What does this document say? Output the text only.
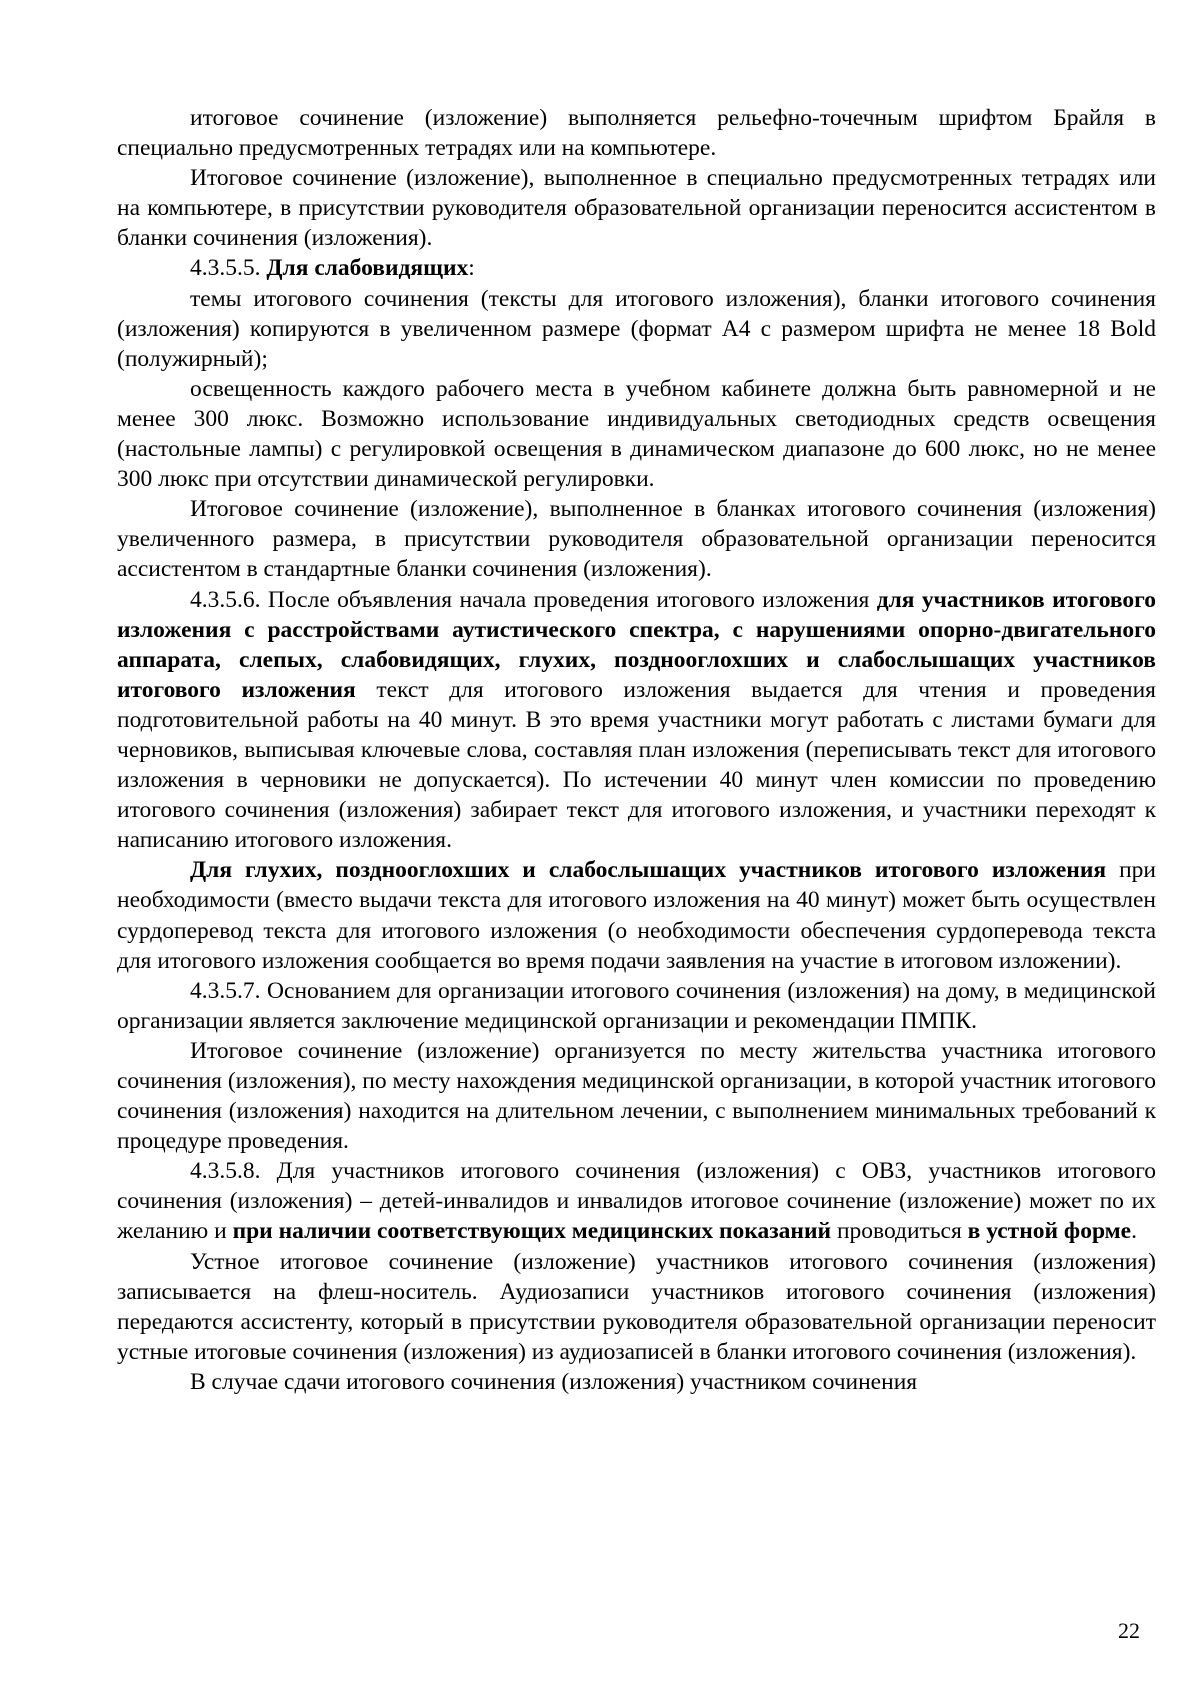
итоговое сочинение (изложение) выполняется рельефно-точечным шрифтом Брайля в специально предусмотренных тетрадях или на компьютере.

Итоговое сочинение (изложение), выполненное в специально предусмотренных тетрадях или на компьютере, в присутствии руководителя образовательной организации переносится ассистентом в бланки сочинения (изложения).

4.3.5.5. Для слабовидящих:

темы итогового сочинения (тексты для итогового изложения), бланки итогового сочинения (изложения) копируются в увеличенном размере (формат А4 с размером шрифта не менее 18 Bold (полужирный);

освещенность каждого рабочего места в учебном кабинете должна быть равномерной и не менее 300 люкс. Возможно использование индивидуальных светодиодных средств освещения (настольные лампы) с регулировкой освещения в динамическом диапазоне до 600 люкс, но не менее 300 люкс при отсутствии динамической регулировки.

Итоговое сочинение (изложение), выполненное в бланках итогового сочинения (изложения) увеличенного размера, в присутствии руководителя образовательной организации переносится ассистентом в стандартные бланки сочинения (изложения).

4.3.5.6. После объявления начала проведения итогового изложения для участников итогового изложения с расстройствами аутистического спектра, с нарушениями опорно-двигательного аппарата, слепых, слабовидящих, глухих, позднооглохших и слабослышащих участников итогового изложения текст для итогового изложения выдается для чтения и проведения подготовительной работы на 40 минут. В это время участники могут работать с листами бумаги для черновиков, выписывая ключевые слова, составляя план изложения (переписывать текст для итогового изложения в черновики не допускается). По истечении 40 минут член комиссии по проведению итогового сочинения (изложения) забирает текст для итогового изложения, и участники переходят к написанию итогового изложения.

Для глухих, позднооглохших и слабослышащих участников итогового изложения при необходимости (вместо выдачи текста для итогового изложения на 40 минут) может быть осуществлен сурдоперевод текста для итогового изложения (о необходимости обеспечения сурдоперевода текста для итогового изложения сообщается во время подачи заявления на участие в итоговом изложении).

4.3.5.7. Основанием для организации итогового сочинения (изложения) на дому, в медицинской организации является заключение медицинской организации и рекомендации ПМПК.

Итоговое сочинение (изложение) организуется по месту жительства участника итогового сочинения (изложения), по месту нахождения медицинской организации, в которой участник итогового сочинения (изложения) находится на длительном лечении, с выполнением минимальных требований к процедуре проведения.

4.3.5.8. Для участников итогового сочинения (изложения) с ОВЗ, участников итогового сочинения (изложения) – детей-инвалидов и инвалидов итоговое сочинение (изложение) может по их желанию и при наличии соответствующих медицинских показаний проводиться в устной форме.

Устное итоговое сочинение (изложение) участников итогового сочинения (изложения) записывается на флеш-носитель. Аудиозаписи участников итогового сочинения (изложения) передаются ассистенту, который в присутствии руководителя образовательной организации переносит устные итоговые сочинения (изложения) из аудиозаписей в бланки итогового сочинения (изложения).

В случае сдачи итогового сочинения (изложения) участником сочинения

22
